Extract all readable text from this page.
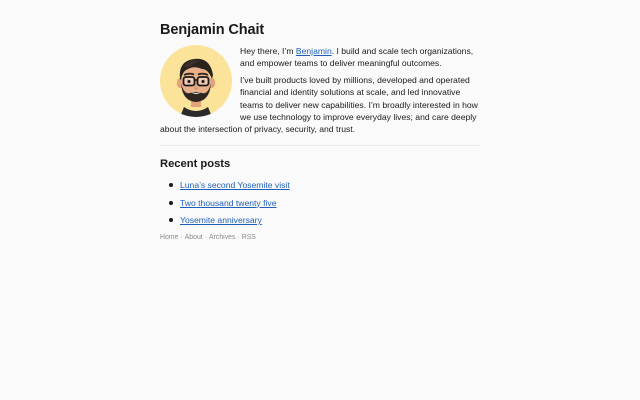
Benjamin Chait

Hey there, I’m Benjamin. I build and scale tech organizations, and empower teams to deliver meaningful outcomes.

I’ve built products loved by millions, developed and operated financial and identity solutions at scale, and led innovative teams to deliver new capabilities. I’m broadly interested in how we use technology to improve everyday lives; and care deeply about the intersection of privacy, security, and trust.

Recent posts
Luna’s second Yosemite visit
Two thousand twenty five
Yosemite anniversary
Home · About · Archives · RSS
